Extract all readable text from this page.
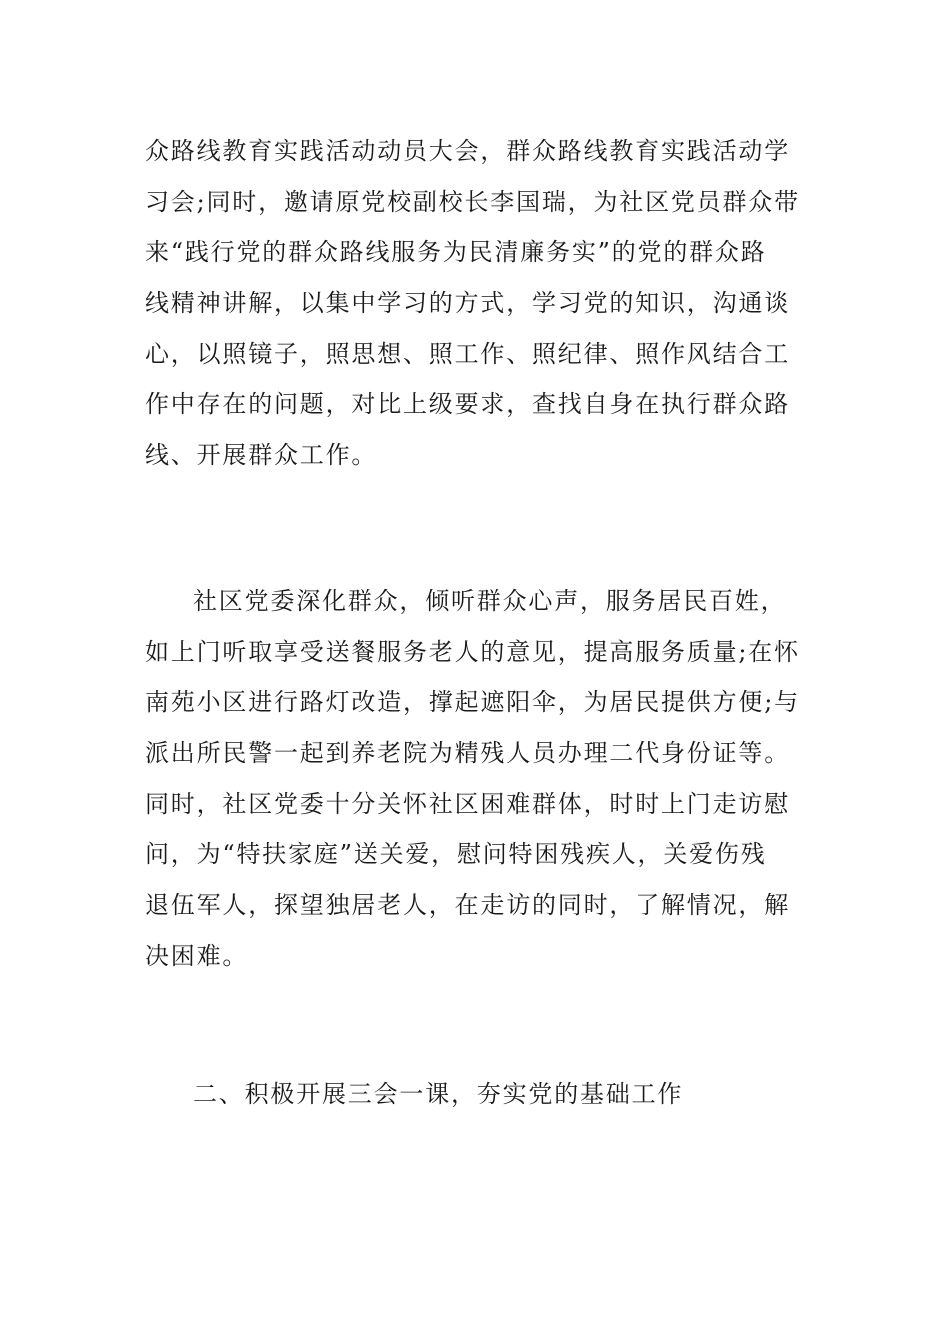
众路线教育实践活动动员大会，群众路线教育实践活动学
习会;同时，邀请原党校副校长李国瑞，为社区党员群众带
来“践行党的群众路线服务为民清廉务实”的党的群众路
线精神讲解，以集中学习的方式，学习党的知识，沟通谈
心，以照镜子，照思想、照工作、照纪律、照作风结合工
作中存在的问题，对比上级要求，查找自身在执行群众路
线、开展群众工作。
社区党委深化群众，倾听群众心声，服务居民百姓，
如上门听取享受送餐服务老人的意见，提高服务质量;在怀
南苑小区进行路灯改造，撑起遮阳伞，为居民提供方便;与
派出所民警一起到养老院为精残人员办理二代身份证等。
同时，社区党委十分关怀社区困难群体，时时上门走访慰
问，为“特扶家庭”送关爱，慰问特困残疾人，关爱伤残
退伍军人，探望独居老人，在走访的同时，了解情况，解
决困难。
二、积极开展三会一课，夯实党的基础工作
